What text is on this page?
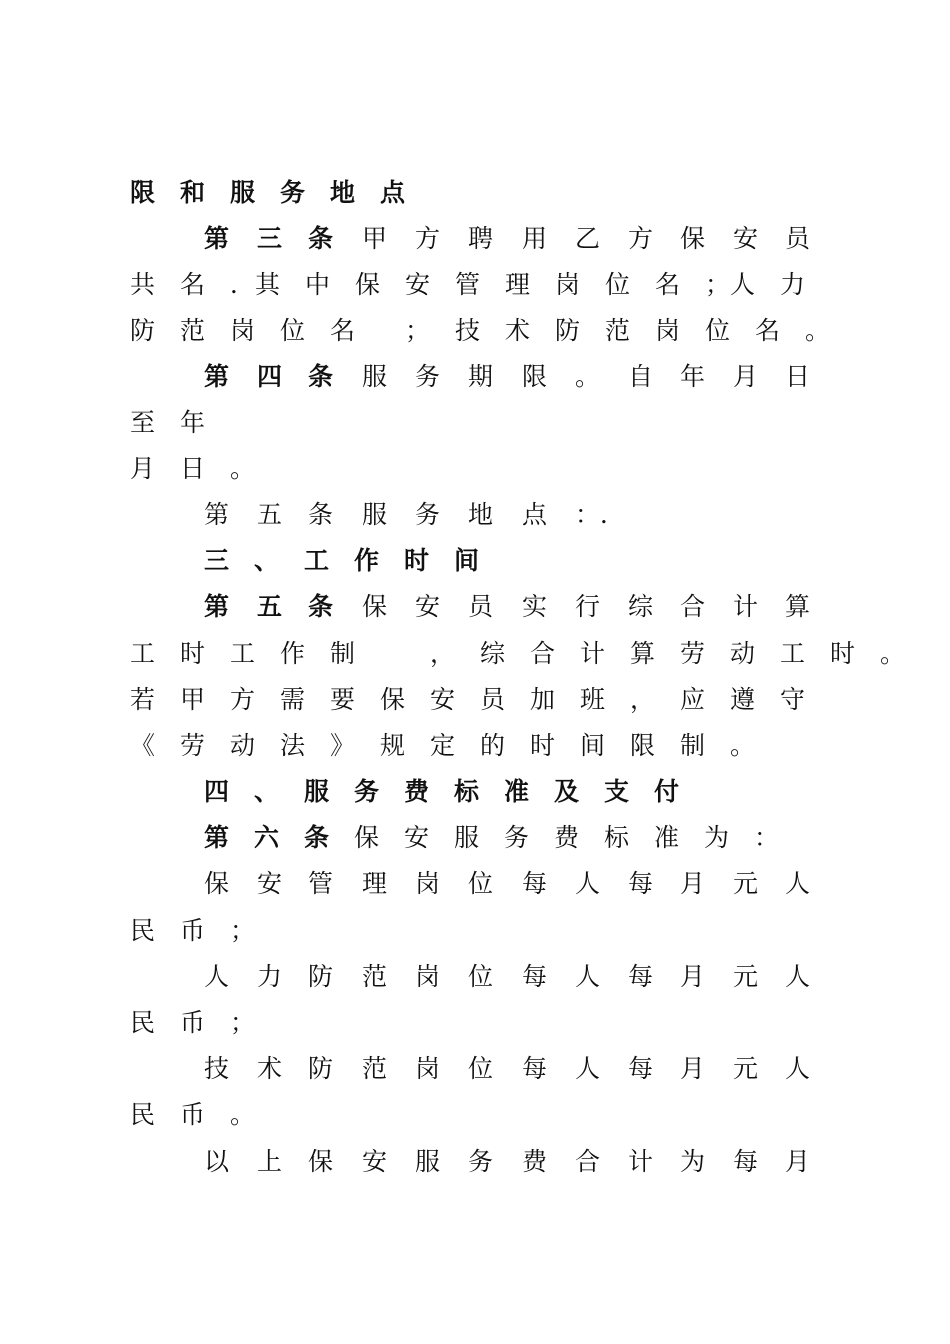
限 和 服 务 地 点
第 三 条 甲 方 聘 用 乙 方 保 安 员
共 名 ． 其 中 保 安 管 理 岗 位 名 ； 人 力
防 范 岗 位 名 ； 技 术 防 范 岗 位 名 。
第 四 条 服 务 期 限 。 自 年 月 日
至 年
月 日 。
第 五 条 服 务 地 点 ： ．
三 、 工 作 时 间
第 五 条 保 安 员 实 行 综 合 计 算
工 时 工 作 制	， 综 合 计 算 劳 动 工 时 。
若 甲 方 需 要 保 安 员 加 班 ， 应 遵 守
《 劳 动 法 》 规 定 的 时 间 限 制 。
四 、 服 务 费 标 准 及 支 付
第 六 条 保 安 服 务 费 标 准 为 ：
保 安 管 理 岗 位 每 人 每 月 元 人
民 币 ；
人 力 防 范 岗 位 每 人 每 月 元 人
民 币 ；
技 术 防 范 岗 位 每 人 每 月 元 人
民 币 。
以 上 保 安 服 务 费 合 计 为 每 月
